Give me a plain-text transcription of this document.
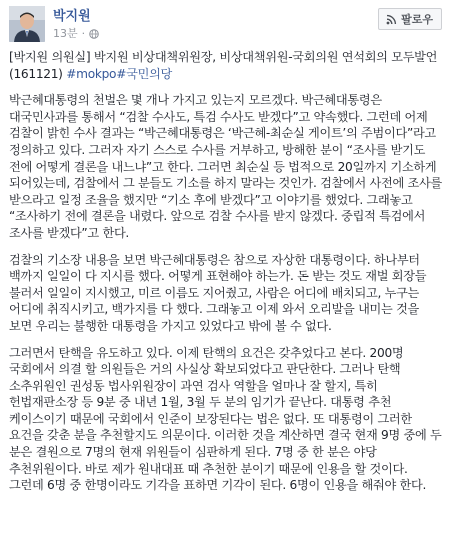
박지원
13분 ·
팔로우

[박지원 의원실] 박지원 비상대책위원장, 비상대책위원-국회의원 연석회의 모두발언 (161121) #mokpo#국민의당

박근혜대통령의 천벌은 몇 개나 가지고 있는지 모르겠다. 박근혜대통령은 대국민사과를 통해서 “검찰 수사도, 특검 수사도 받겠다”고 약속했다. 그런데 어제 검찰이 밝힌 수사 결과는 “박근혜대통령은 ‘박근혜-최순실 게이트’의 주범이다”라고 정의하고 있다. 그러자 자기 스스로 수사를 거부하고, 방해한 분이 “조사를 받기도 전에 어떻게 결론을 내느냐”고 한다. 그러면 최순실 등 법적으로 20일까지 기소하게 되어있는데, 검찰에서 그 분들도 기소를 하지 말라는 것인가. 검찰에서 사전에 조사를 받으라고 일정 조율을 했지만 “기소 후에 받겠다”고 이야기를 했었다. 그래놓고 “조사하기 전에 결론을 내렸다. 앞으로 검찰 수사를 받지 않겠다. 중립적 특검에서 조사를 받겠다”고 한다.

검찰의 기소장 내용을 보면 박근혜대통령은 참으로 자상한 대통령이다. 하나부터 백까지 일일이 다 지시를 했다. 어떻게 표현해야 하는가. 돈 받는 것도 재벌 회장들 불러서 일일이 지시했고, 미르 이름도 지어줬고, 사람은 어디에 배치되고, 누구는 어디에 취직시키고, 백가지를 다 했다. 그래놓고 이제 와서 오리발을 내미는 것을 보면 우리는 불행한 대통령을 가지고 있었다고 밖에 볼 수 없다.

그러면서 탄핵을 유도하고 있다. 이제 탄핵의 요건은 갖추었다고 본다. 200명 국회에서 의결 할 의원들은 거의 사실상 확보되었다고 판단한다. 그러나 탄핵 소추위원인 권성동 법사위원장이 과연 검사 역할을 얼마나 잘 할지, 특히 헌법재판소장 등 9분 중 내년 1월, 3월 두 분의 임기가 끝난다. 대통령 추천 케이스이기 때문에 국회에서 인준이 보장된다는 법은 없다. 또 대통령이 그러한 요건을 갖춘 분을 추천할지도 의문이다. 이러한 것을 계산하면 결국 현재 9명 중에 두 분은 결원으로 7명의 현재 위원들이 심판하게 된다. 7명 중 한 분은 야당 추천위원이다. 바로 제가 원내대표 때 추천한 분이기 때문에 인용을 할 것이다. 그런데 6명 중 한명이라도 기각을 표하면 기각이 된다. 6명이 인용을 해줘야 한다.
